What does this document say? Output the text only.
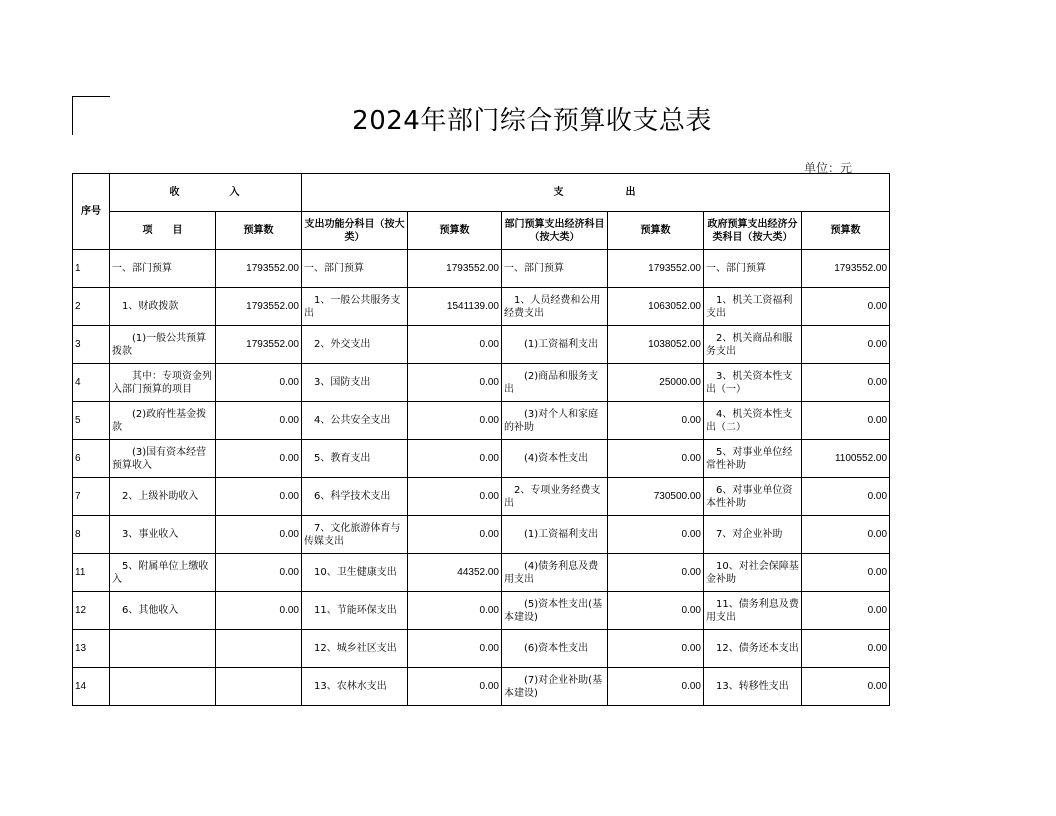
2024年部门综合预算收支总表
单位：元
序号	收　　　　入		支　　　　　出					
	项　　目	预算数	支出功能分科目（按大类）	预算数	部门预算支出经济科目（按大类）	预算数	政府预算支出经济分类科目（按大类）	预算数
1	一、部门预算	1793552.00	一、部门预算	1793552.00	一、部门预算	1793552.00	一、部门预算	1793552.00
2	　1、财政拨款	1793552.00	　1、一般公共服务支出	1541139.00	　1、人员经费和公用经费支出	1063052.00	　1、机关工资福利支出	0.00
3	　　(1)一般公共预算拨款	1793552.00	　2、外交支出	0.00	　　(1)工资福利支出	1038052.00	　2、机关商品和服务支出	0.00
4	　　其中：专项资金列入部门预算的项目	0.00	　3、国防支出	0.00	　　(2)商品和服务支出	25000.00	　3、机关资本性支出（一）	0.00
5	　　(2)政府性基金拨款	0.00	　4、公共安全支出	0.00	　　(3)对个人和家庭的补助	0.00	　4、机关资本性支出（二）	0.00
6	　　(3)国有资本经营预算收入	0.00	　5、教育支出	0.00	　　(4)资本性支出	0.00	　5、对事业单位经常性补助	1100552.00
7	　2、上级补助收入	0.00	　6、科学技术支出	0.00	　2、专项业务经费支出	730500.00	　6、对事业单位资本性补助	0.00
8	　3、事业收入	0.00	　7、文化旅游体育与传媒支出	0.00	　　(1)工资福利支出	0.00	　7、对企业补助	0.00
11	　5、附属单位上缴收入	0.00	　10、卫生健康支出	44352.00	　　(4)债务利息及费用支出	0.00	　10、对社会保障基金补助	0.00
12	　6、其他收入	0.00	　11、节能环保支出	0.00	　　(5)资本性支出(基本建设)	0.00	　11、债务利息及费用支出	0.00
13			　12、城乡社区支出	0.00	　　(6)资本性支出	0.00	　12、债务还本支出	0.00
14			　13、农林水支出	0.00	　　(7)对企业补助(基本建设)	0.00	　13、转移性支出	0.00
